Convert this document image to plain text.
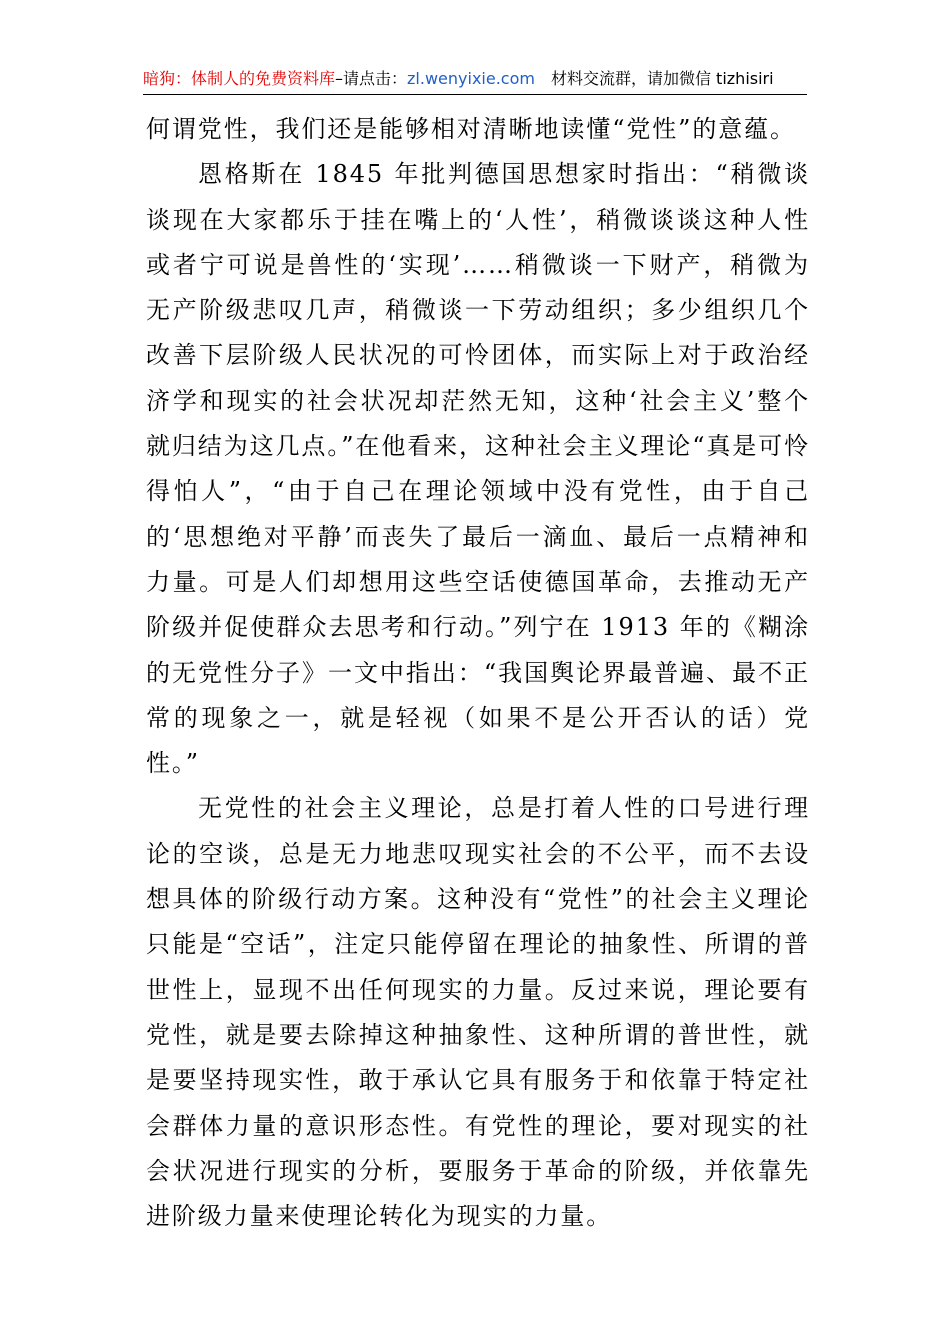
暗狗：体制人的免费资料库–请点击：zl.wenyixie.com 材料交流群，请加微信 tizhisiri

何谓党性，我们还是能够相对清晰地读懂“党性”的意蕴。

恩格斯在 1845 年批判德国思想家时指出：“稍微谈谈现在大家都乐于挂在嘴上的‘人性’，稍微谈谈这种人性或者宁可说是兽性的‘实现’……稍微谈一下财产，稍微为无产阶级悲叹几声，稍微谈一下劳动组织；多少组织几个改善下层阶级人民状况的可怜团体，而实际上对于政治经济学和现实的社会状况却茫然无知，这种‘社会主义’整个就归结为这几点。”在他看来，这种社会主义理论“真是可怜得怕人”，“由于自己在理论领域中没有党性，由于自己的‘思想绝对平静’而丧失了最后一滴血、最后一点精神和力量。可是人们却想用这些空话使德国革命，去推动无产阶级并促使群众去思考和行动。”列宁在 1913 年的《糊涂的无党性分子》一文中指出：“我国舆论界最普遍、最不正常的现象之一，就是轻视（如果不是公开否认的话）党性。”

无党性的社会主义理论，总是打着人性的口号进行理论的空谈，总是无力地悲叹现实社会的不公平，而不去设想具体的阶级行动方案。这种没有“党性”的社会主义理论只能是“空话”，注定只能停留在理论的抽象性、所谓的普世性上，显现不出任何现实的力量。反过来说，理论要有党性，就是要去除掉这种抽象性、这种所谓的普世性，就是要坚持现实性，敢于承认它具有服务于和依靠于特定社会群体力量的意识形态性。有党性的理论，要对现实的社会状况进行现实的分析，要服务于革命的阶级，并依靠先进阶级力量来使理论转化为现实的力量。
